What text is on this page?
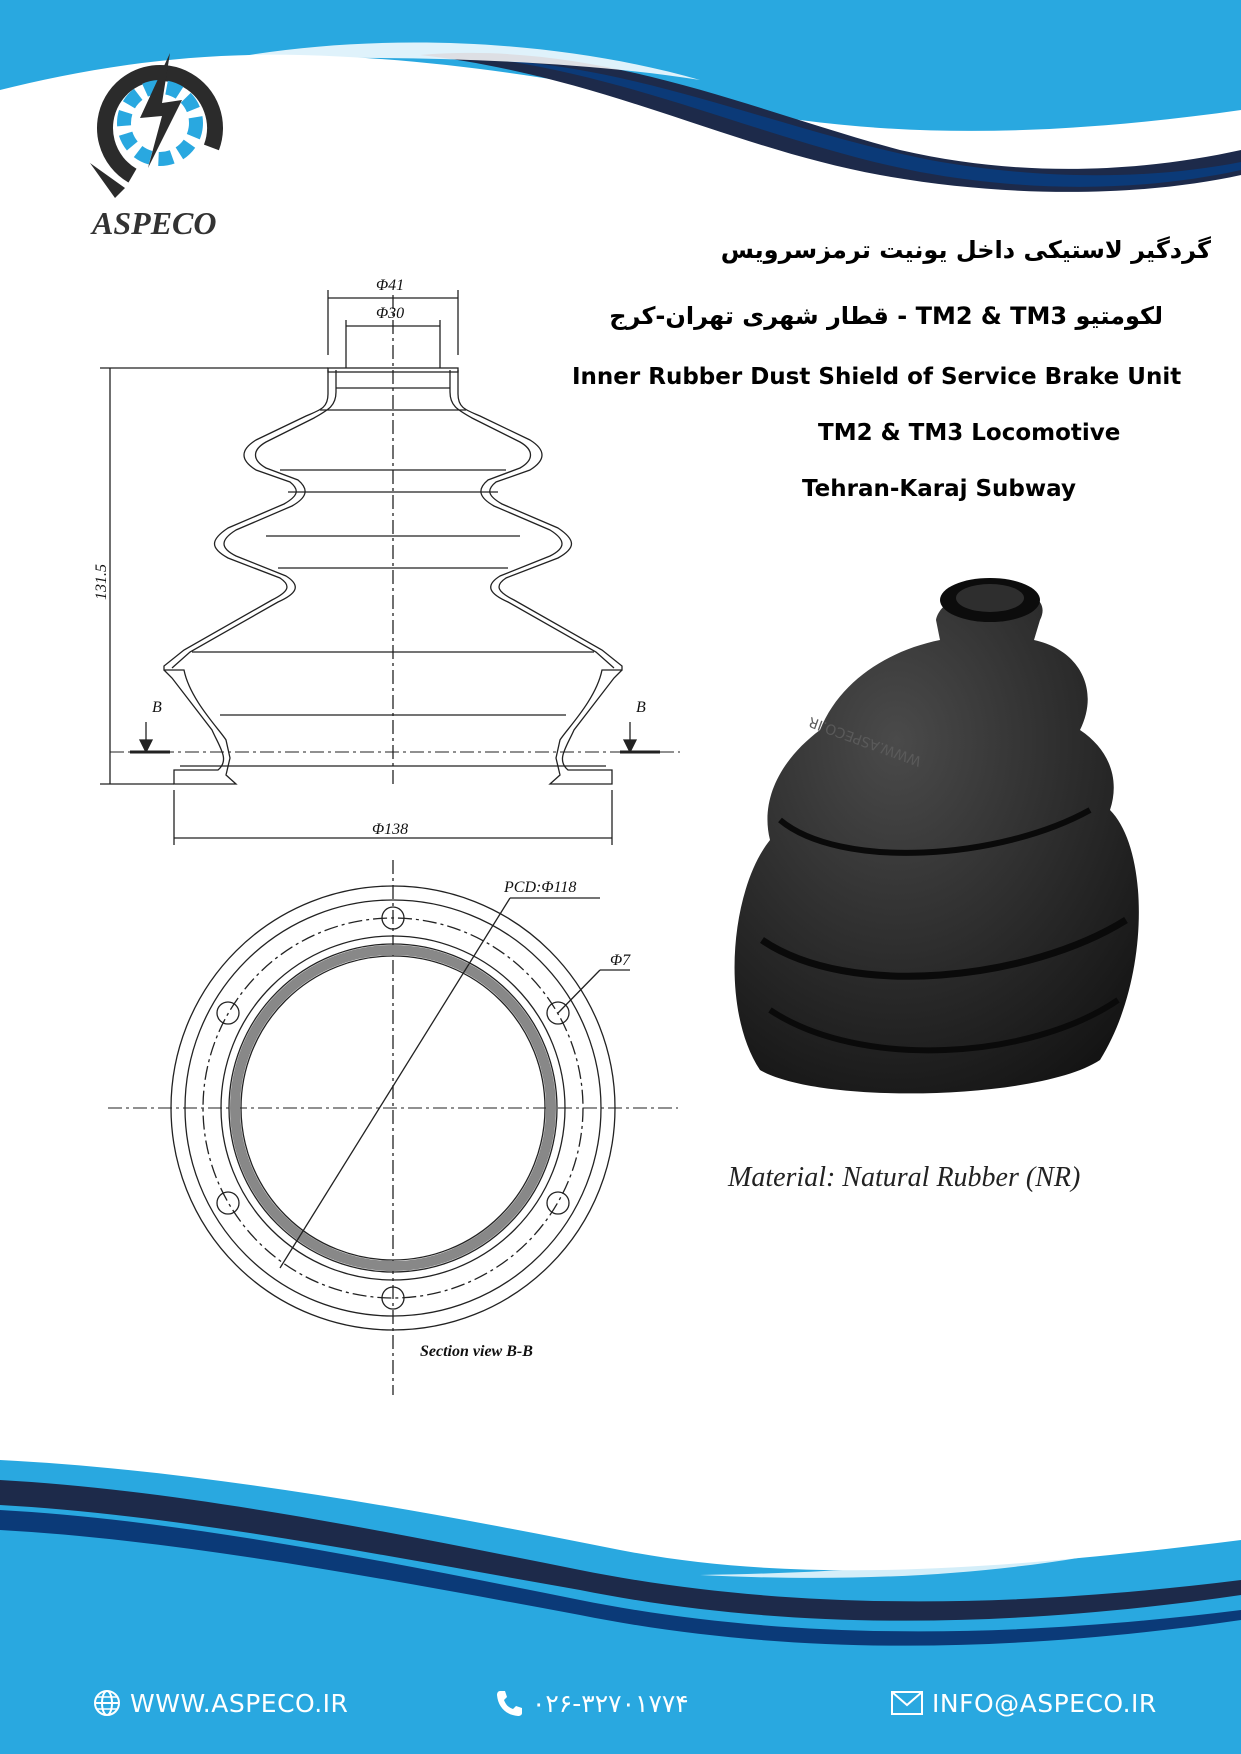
ASPECO
گردگیر لاستیکی داخل یونیت ترمزسرویس
لکومتیو TM2 & TM3 - قطار شهری تهران-کرج
Inner Rubber Dust Shield of Service Brake Unit
TM2 & TM3 Locomotive
Tehran-Karaj Subway
Φ41
Φ30
131.5
Φ138
B	B
PCD:Φ118
Φ7
Section view B-B
WWW.ASPECO.IR
Material: Natural Rubber (NR)
WWW.ASPECO.IR	۰۲۶-۳۲۷۰۱۷۷۴	INFO@ASPECO.IR
